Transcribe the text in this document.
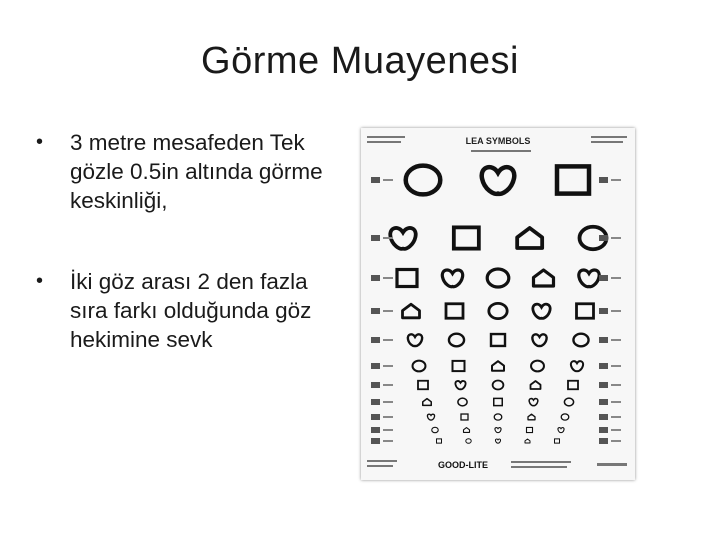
Görme Muayenesi
• 3 metre mesafeden Tek gözle 0.5in altında görme keskinliği,
• İki göz arası 2 den fazla sıra farkı olduğunda göz hekimine sevk
LEA SYMBOLS
GOOD-LITE
